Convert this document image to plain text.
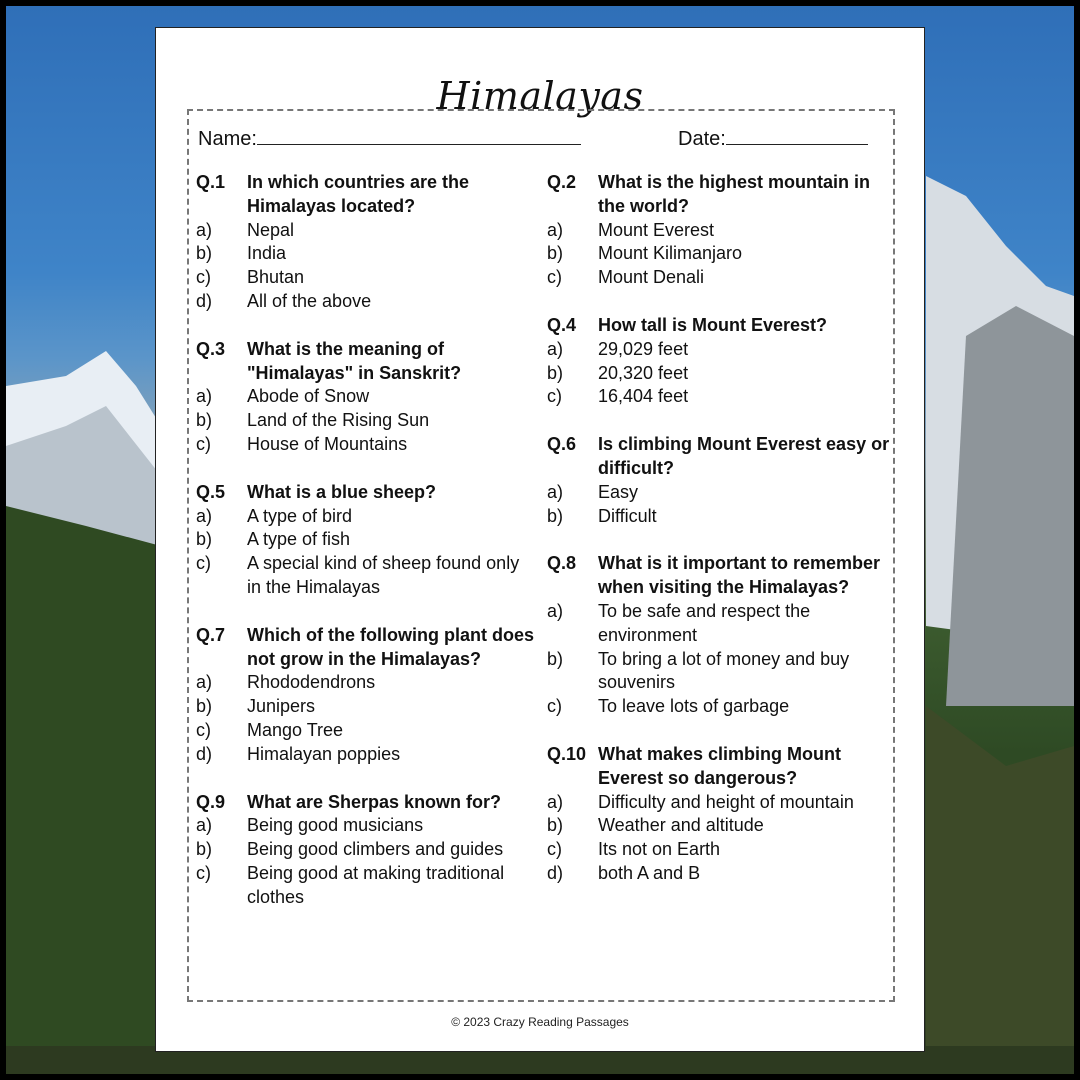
Himalayas
Name:	Date:
Q.1	In which countries are the Himalayas located?
a)	Nepal
b)	India
c)	Bhutan
d)	All of the above
Q.3	What is the meaning of "Himalayas" in Sanskrit?
a)	Abode of Snow
b)	Land of the Rising Sun
c)	House of Mountains
Q.5	What is a blue sheep?
a)	A type of bird
b)	A type of fish
c)	A special kind of sheep found only in the Himalayas
Q.7	Which of the following plant does not grow in the Himalayas?
a)	Rhododendrons
b)	Junipers
c)	Mango Tree
d)	Himalayan poppies
Q.9	What are Sherpas known for?
a)	Being good musicians
b)	Being good climbers and guides
c)	Being good at making traditional clothes
Q.2	What is the highest mountain in the world?
a)	Mount Everest
b)	Mount Kilimanjaro
c)	Mount Denali
Q.4	How tall is Mount Everest?
a)	29,029 feet
b)	20,320 feet
c)	16,404 feet
Q.6	Is climbing Mount Everest easy or difficult?
a)	Easy
b)	Difficult
Q.8	What is it important to remember when visiting the Himalayas?
a)	To be safe and respect the environment
b)	To bring a lot of money and buy souvenirs
c)	To leave lots of garbage
Q.10 What makes climbing Mount Everest so dangerous?
a)	Difficulty and height of mountain
b)	Weather and altitude
c)	Its not on Earth
d)	both A and B
© 2023 Crazy Reading Passages
